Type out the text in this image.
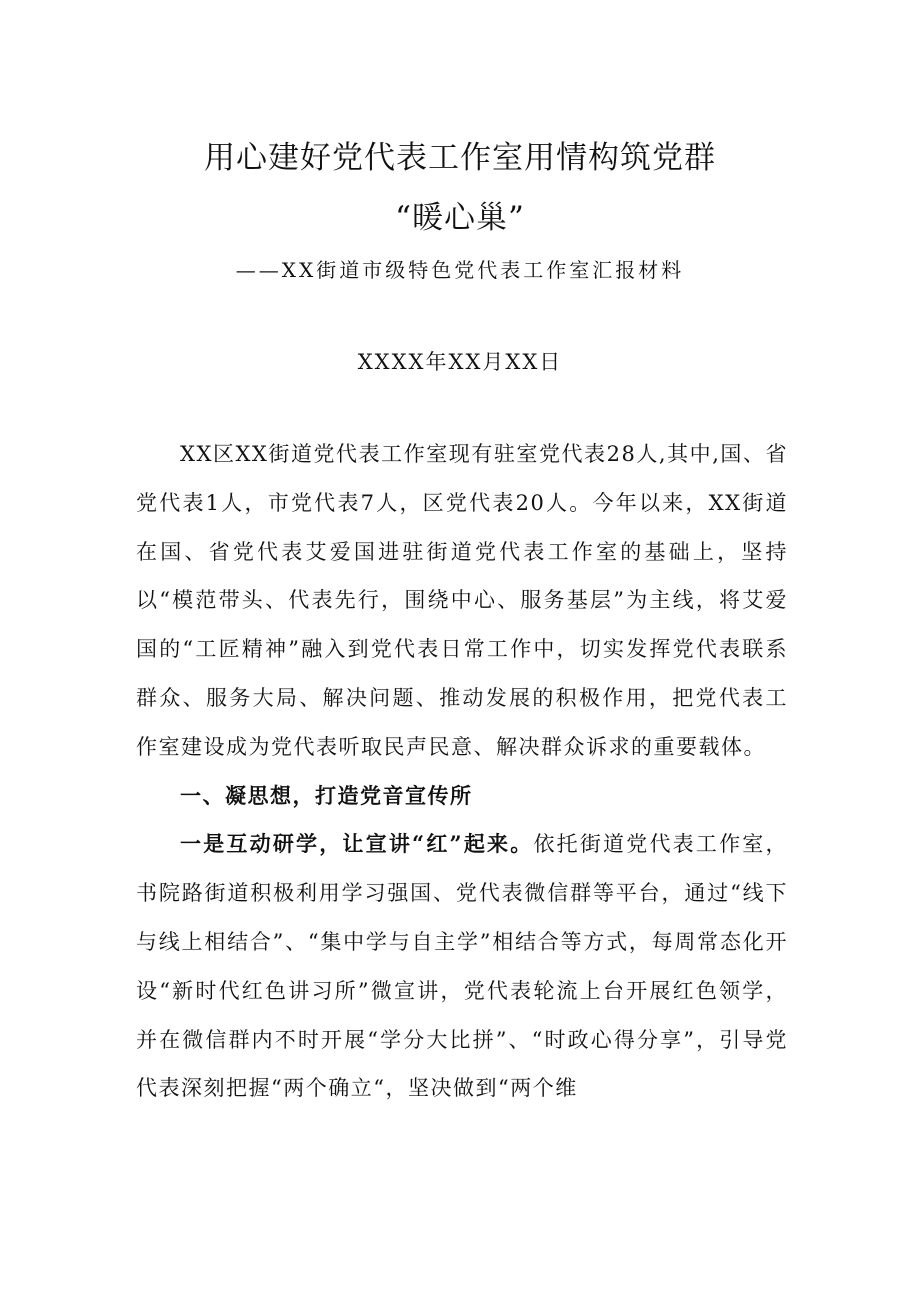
用心建好党代表工作室用情构筑党群
“暖心巢”
——XX街道市级特色党代表工作室汇报材料
XXXX年XX月XX日

XX区XX街道党代表工作室现有驻室党代表28人,其中,国、省党代表1人，市党代表7人，区党代表20人。今年以来，XX街道在国、省党代表艾爱国进驻街道党代表工作室的基础上，坚持以“模范带头、代表先行，围绕中心、服务基层”为主线，将艾爱国的“工匠精神”融入到党代表日常工作中，切实发挥党代表联系群众、服务大局、解决问题、推动发展的积极作用，把党代表工作室建设成为党代表听取民声民意、解决群众诉求的重要载体。

一、凝思想，打造党音宣传所

一是互动研学，让宣讲“红”起来。依托街道党代表工作室，书院路街道积极利用学习强国、党代表微信群等平台，通过“线下与线上相结合”、“集中学与自主学”相结合等方式，每周常态化开设“新时代红色讲习所”微宣讲，党代表轮流上台开展红色领学，并在微信群内不时开展“学分大比拼”、“时政心得分享”，引导党代表深刻把握“两个确立“，坚决做到“两个维
